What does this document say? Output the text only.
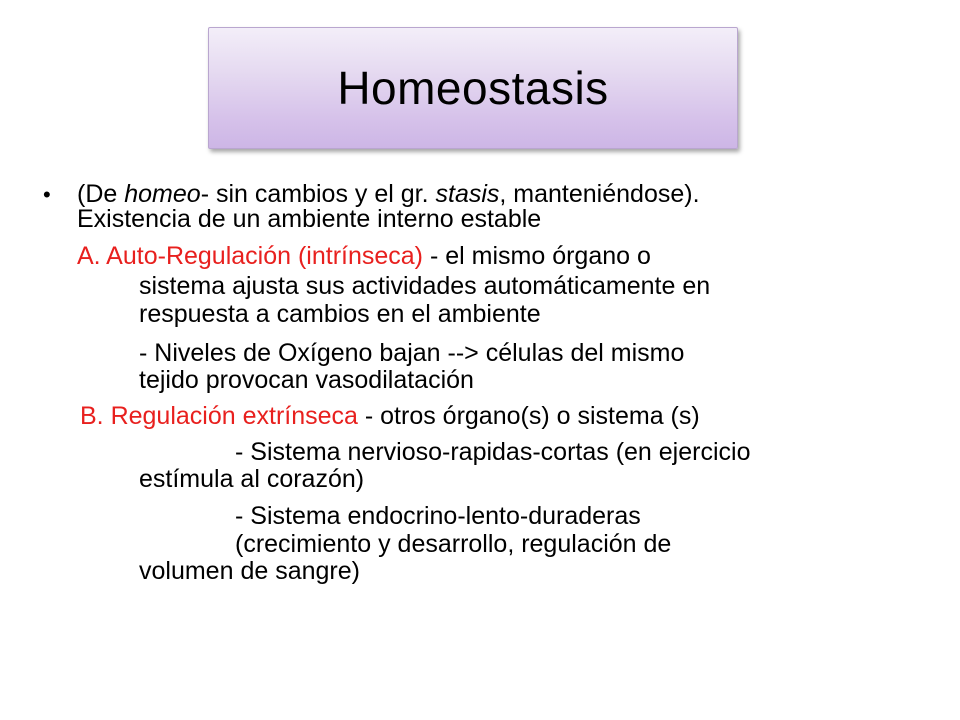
Homeostasis
• (De homeo- sin cambios y el gr. stasis, manteniéndose).
Existencia de un ambiente interno estable
A. Auto-Regulación (intrínseca) - el mismo órgano o
sistema ajusta sus actividades automáticamente en
respuesta a cambios en el ambiente
- Niveles de Oxígeno bajan --> células del mismo
tejido provocan vasodilatación
B. Regulación extrínseca - otros órgano(s) o sistema (s)
- Sistema nervioso-rapidas-cortas (en ejercicio
estímula al corazón)
- Sistema endocrino-lento-duraderas
(crecimiento y desarrollo, regulación de
volumen de sangre)
